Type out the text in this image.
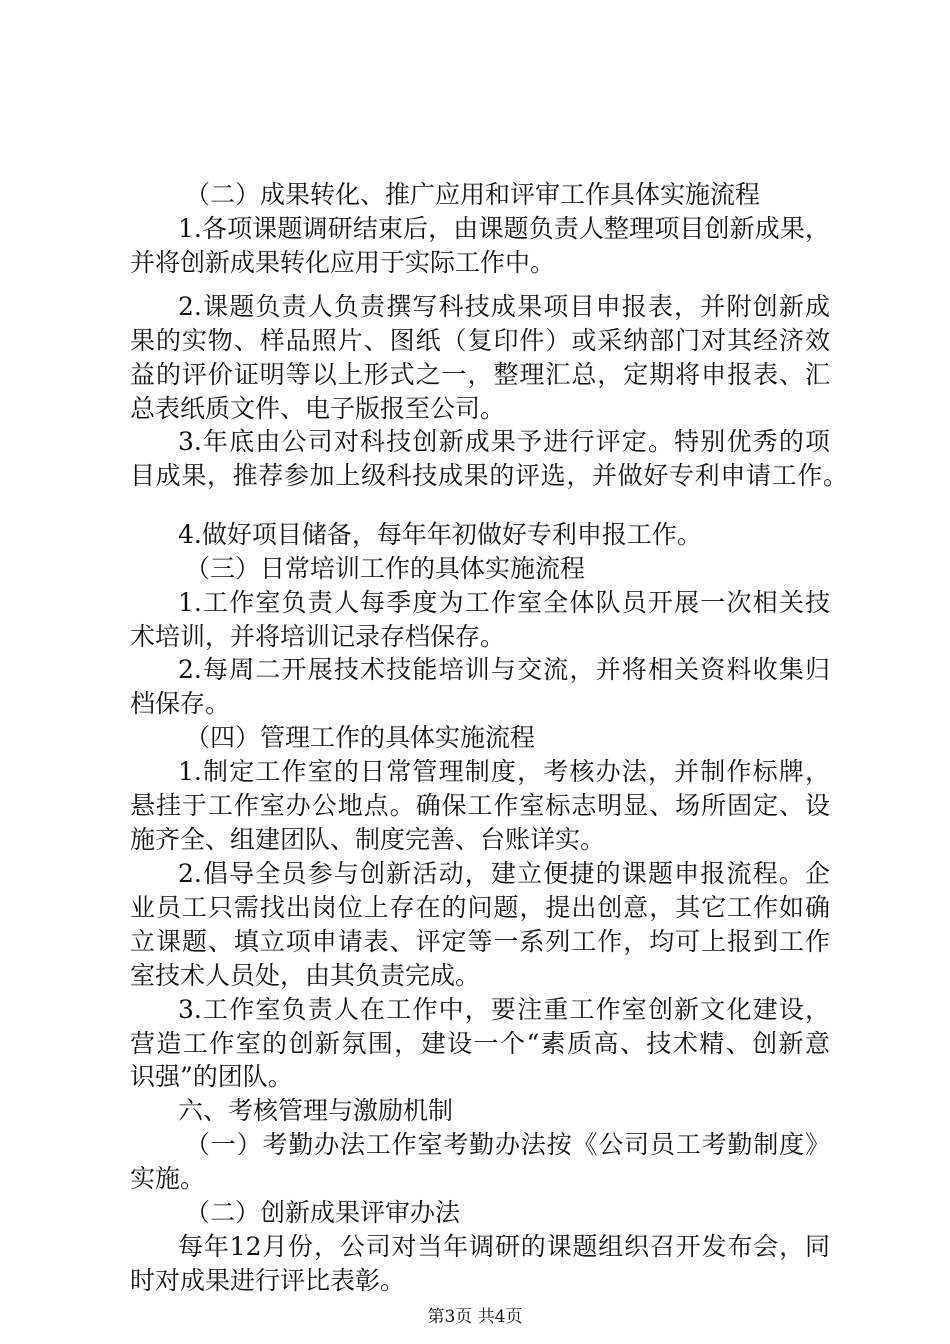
（二）成果转化、推广应用和评审工作具体实施流程
1.各项课题调研结束后，由课题负责人整理项目创新成果，
并将创新成果转化应用于实际工作中。
2.课题负责人负责撰写科技成果项目申报表，并附创新成
果的实物、样品照片、图纸（复印件）或采纳部门对其经济效
益的评价证明等以上形式之一，整理汇总，定期将申报表、汇
总表纸质文件、电子版报至公司。
3.年底由公司对科技创新成果予进行评定。特别优秀的项
目成果，推荐参加上级科技成果的评选，并做好专利申请工作。
4.做好项目储备，每年年初做好专利申报工作。
（三）日常培训工作的具体实施流程
1.工作室负责人每季度为工作室全体队员开展一次相关技
术培训，并将培训记录存档保存。
2.每周二开展技术技能培训与交流，并将相关资料收集归
档保存。
（四）管理工作的具体实施流程
1.制定工作室的日常管理制度，考核办法，并制作标牌，
悬挂于工作室办公地点。确保工作室标志明显、场所固定、设
施齐全、组建团队、制度完善、台账详实。
2.倡导全员参与创新活动，建立便捷的课题申报流程。企
业员工只需找出岗位上存在的问题，提出创意，其它工作如确
立课题、填立项申请表、评定等一系列工作，均可上报到工作
室技术人员处，由其负责完成。
3.工作室负责人在工作中，要注重工作室创新文化建设，
营造工作室的创新氛围，建设一个“素质高、技术精、创新意
识强”的团队。
六、考核管理与激励机制
（一）考勤办法工作室考勤办法按《公司员工考勤制度》
实施。
（二）创新成果评审办法
每年12月份，公司对当年调研的课题组织召开发布会，同
时对成果进行评比表彰。
第3页 共4页
